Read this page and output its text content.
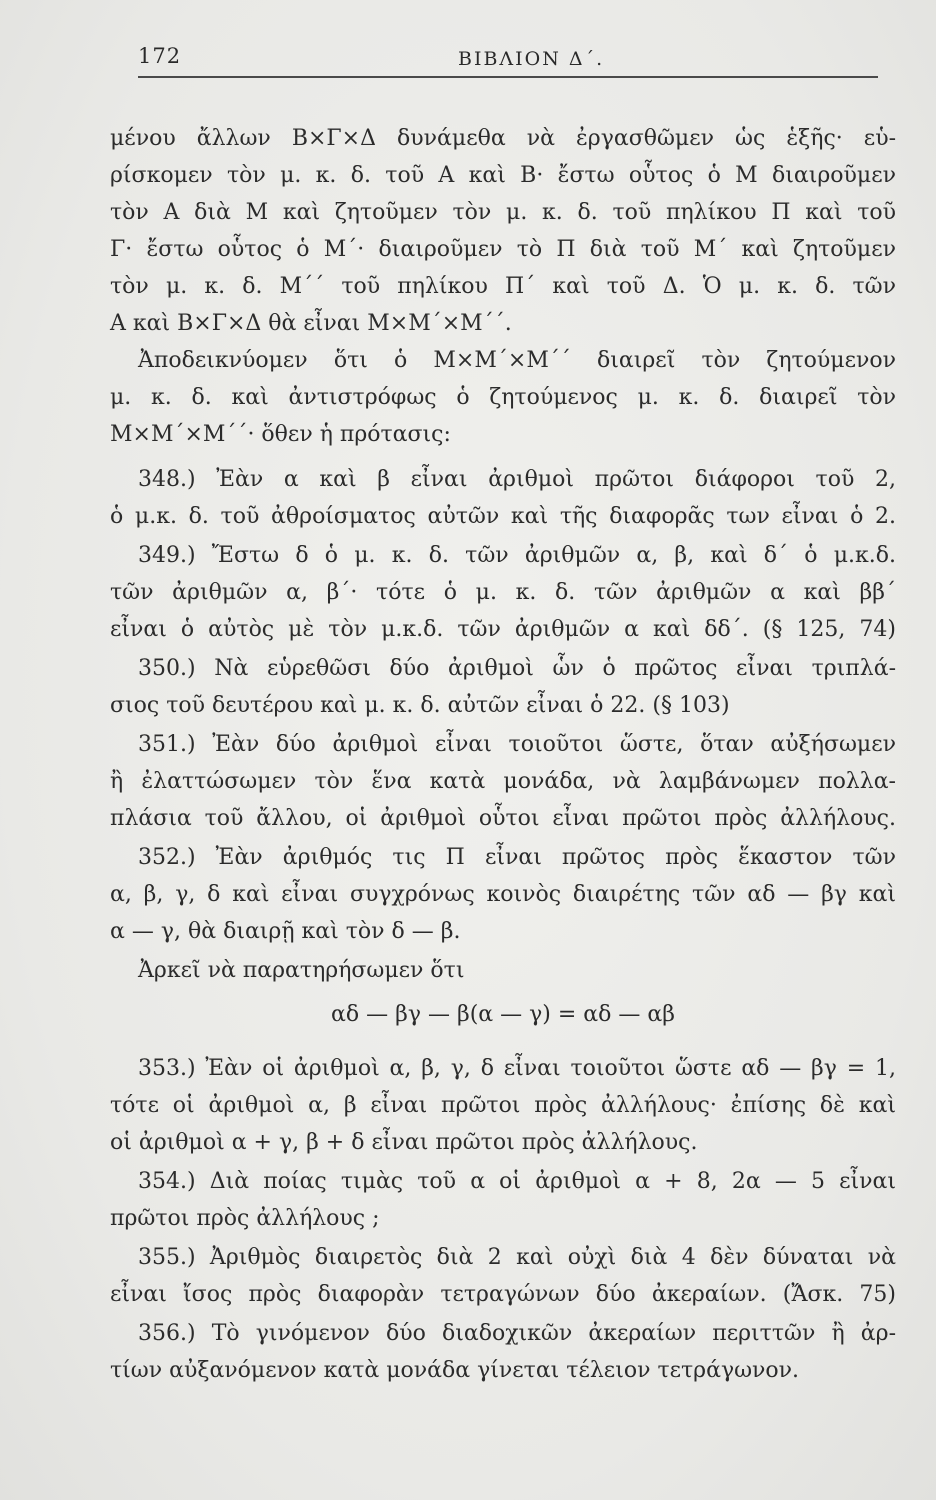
172	ΒΙΒΛΙΟΝ Δ΄.
μένου ἄλλων Β×Γ×Δ δυνάμεθα νὰ ἐργασθῶμεν ὡς ἑξῆς· εὑ-
ρίσκομεν τὸν μ. κ. δ. τοῦ Α καὶ Β· ἔστω οὗτος ὁ Μ διαιροῦμεν
τὸν Α διὰ Μ καὶ ζητοῦμεν τὸν μ. κ. δ. τοῦ πηλίκου Π καὶ τοῦ
Γ· ἔστω οὗτος ὁ Μ΄· διαιροῦμεν τὸ Π διὰ τοῦ Μ΄ καὶ ζητοῦμεν
τὸν μ. κ. δ. Μ΄΄ τοῦ πηλίκου Π΄ καὶ τοῦ Δ. Ὁ μ. κ. δ. τῶν
Α καὶ Β×Γ×Δ θὰ εἶναι Μ×Μ΄×Μ΄΄.
Ἀποδεικνύομεν ὅτι ὁ Μ×Μ΄×Μ΄΄ διαιρεῖ τὸν ζητούμενον
μ. κ. δ. καὶ ἀντιστρόφως ὁ ζητούμενος μ. κ. δ. διαιρεῖ τὸν
Μ×Μ΄×Μ΄΄· ὅθεν ἡ πρότασις:
348.) Ἐὰν α καὶ β εἶναι ἀριθμοὶ πρῶτοι διάφοροι τοῦ 2,
ὁ μ.κ. δ. τοῦ ἀθροίσματος αὐτῶν καὶ τῆς διαφορᾶς των εἶναι ὁ 2.
349.) Ἔστω δ ὁ μ. κ. δ. τῶν ἀριθμῶν α, β, καὶ δ΄ ὁ μ.κ.δ.
τῶν ἀριθμῶν α, β΄· τότε ὁ μ. κ. δ. τῶν ἀριθμῶν α καὶ ββ΄
εἶναι ὁ αὐτὸς μὲ τὸν μ.κ.δ. τῶν ἀριθμῶν α καὶ δδ΄. (§ 125, 74)
350.) Νὰ εὑρεθῶσι δύο ἀριθμοὶ ὧν ὁ πρῶτος εἶναι τριπλά-
σιος τοῦ δευτέρου καὶ μ. κ. δ. αὐτῶν εἶναι ὁ 22. (§ 103)
351.) Ἐὰν δύο ἀριθμοὶ εἶναι τοιοῦτοι ὥστε, ὅταν αὐξήσωμεν
ἢ ἐλαττώσωμεν τὸν ἕνα κατὰ μονάδα, νὰ λαμβάνωμεν πολλα-
πλάσια τοῦ ἄλλου, οἱ ἀριθμοὶ οὗτοι εἶναι πρῶτοι πρὸς ἀλλήλους.
352.) Ἐὰν ἀριθμός τις Π εἶναι πρῶτος πρὸς ἕκαστον τῶν
α, β, γ, δ καὶ εἶναι συγχρόνως κοινὸς διαιρέτης τῶν αδ — βγ καὶ
α — γ, θὰ διαιρῇ καὶ τὸν δ — β.
Ἀρκεῖ νὰ παρατηρήσωμεν ὅτι
αδ — βγ — β(α — γ) = αδ — αβ
353.) Ἐὰν οἱ ἀριθμοὶ α, β, γ, δ εἶναι τοιοῦτοι ὥστε αδ — βγ = 1,
τότε οἱ ἀριθμοὶ α, β εἶναι πρῶτοι πρὸς ἀλλήλους· ἐπίσης δὲ καὶ
οἱ ἀριθμοὶ α + γ, β + δ εἶναι πρῶτοι πρὸς ἀλλήλους.
354.) Διὰ ποίας τιμὰς τοῦ α οἱ ἀριθμοὶ α + 8, 2α — 5 εἶναι
πρῶτοι πρὸς ἀλλήλους ;
355.) Ἀριθμὸς διαιρετὸς διὰ 2 καὶ οὐχὶ διὰ 4 δὲν δύναται νὰ
εἶναι ἴσος πρὸς διαφορὰν τετραγώνων δύο ἀκεραίων. (Ἄσκ. 75)
356.) Τὸ γινόμενον δύο διαδοχικῶν ἀκεραίων περιττῶν ἢ ἀρ-
τίων αὐξανόμενον κατὰ μονάδα γίνεται τέλειον τετράγωνον.
